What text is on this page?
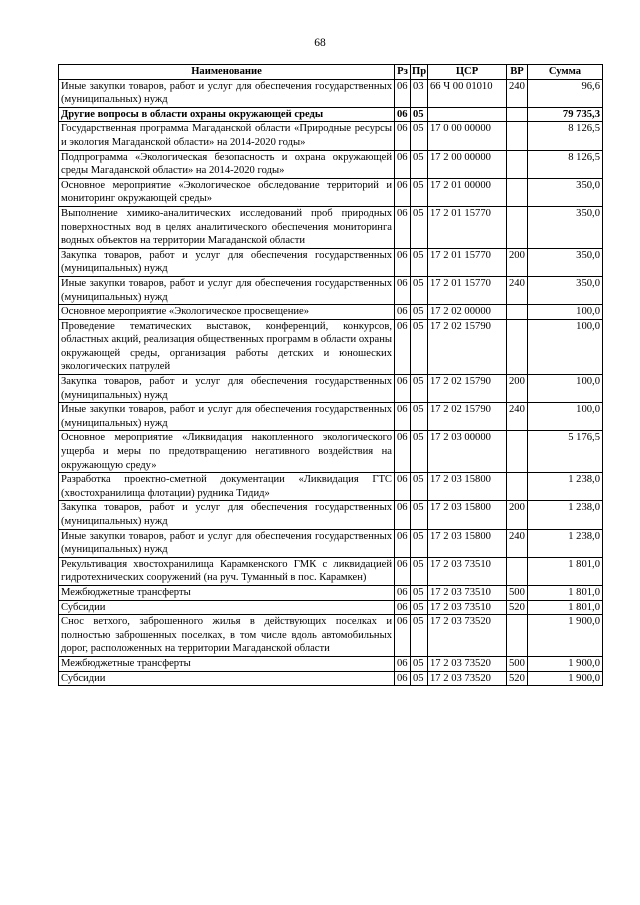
68
Наименование	Рз	Пр	ЦСР	ВР	Сумма
Иные закупки товаров, работ и услуг для обеспечения государственных (муниципальных) нужд	06	03	66 Ч 00 01010	240	96,6
Другие вопросы в области охраны окружающей среды	06	05			79 735,3
Государственная программа Магаданской области «Природные ресурсы и экология Магаданской области» на 2014-2020 годы»	06	05	17 0 00 00000		8 126,5
Подпрограмма «Экологическая безопасность и охрана окружающей среды Магаданской области» на 2014-2020 годы»	06	05	17 2 00 00000		8 126,5
Основное мероприятие «Экологическое обследование территорий и мониторинг окружающей среды»	06	05	17 2 01 00000		350,0
Выполнение химико-аналитических исследований проб природных поверхностных вод в целях аналитического обеспечения мониторинга водных объектов на территории Магаданской области	06	05	17 2 01 15770		350,0
Закупка товаров, работ и услуг для обеспечения государственных (муниципальных) нужд	06	05	17 2 01 15770	200	350,0
Иные закупки товаров, работ и услуг для обеспечения государственных (муниципальных) нужд	06	05	17 2 01 15770	240	350,0
Основное мероприятие «Экологическое просвещение»	06	05	17 2 02 00000		100,0
Проведение тематических выставок, конференций, конкурсов, областных акций, реализация общественных программ в области охраны окружающей среды, организация работы детских и юношеских экологических патрулей	06	05	17 2 02 15790		100,0
Закупка товаров, работ и услуг для обеспечения государственных (муниципальных) нужд	06	05	17 2 02 15790	200	100,0
Иные закупки товаров, работ и услуг для обеспечения государственных (муниципальных) нужд	06	05	17 2 02 15790	240	100,0
Основное мероприятие «Ликвидация накопленного экологического ущерба и меры по предотвращению негативного воздействия на окружающую среду»	06	05	17 2 03 00000		5 176,5
Разработка проектно-сметной документации «Ликвидация ГТС (хвостохранилища флотации) рудника Тидид»	06	05	17 2 03 15800		1 238,0
Закупка товаров, работ и услуг для обеспечения государственных (муниципальных) нужд	06	05	17 2 03 15800	200	1 238,0
Иные закупки товаров, работ и услуг для обеспечения государственных (муниципальных) нужд	06	05	17 2 03 15800	240	1 238,0
Рекультивация хвостохранилища Карамкенского ГМК с ликвидацией гидротехнических сооружений (на руч. Туманный в пос. Карамкен)	06	05	17 2 03 73510		1 801,0
Межбюджетные трансферты	06	05	17 2 03 73510	500	1 801,0
Субсидии	06	05	17 2 03 73510	520	1 801,0
Снос ветхого, заброшенного жилья в действующих поселках и полностью заброшенных поселках, в том числе вдоль автомобильных дорог, расположенных на территории Магаданской области	06	05	17 2 03 73520		1 900,0
Межбюджетные трансферты	06	05	17 2 03 73520	500	1 900,0
Субсидии	06	05	17 2 03 73520	520	1 900,0
